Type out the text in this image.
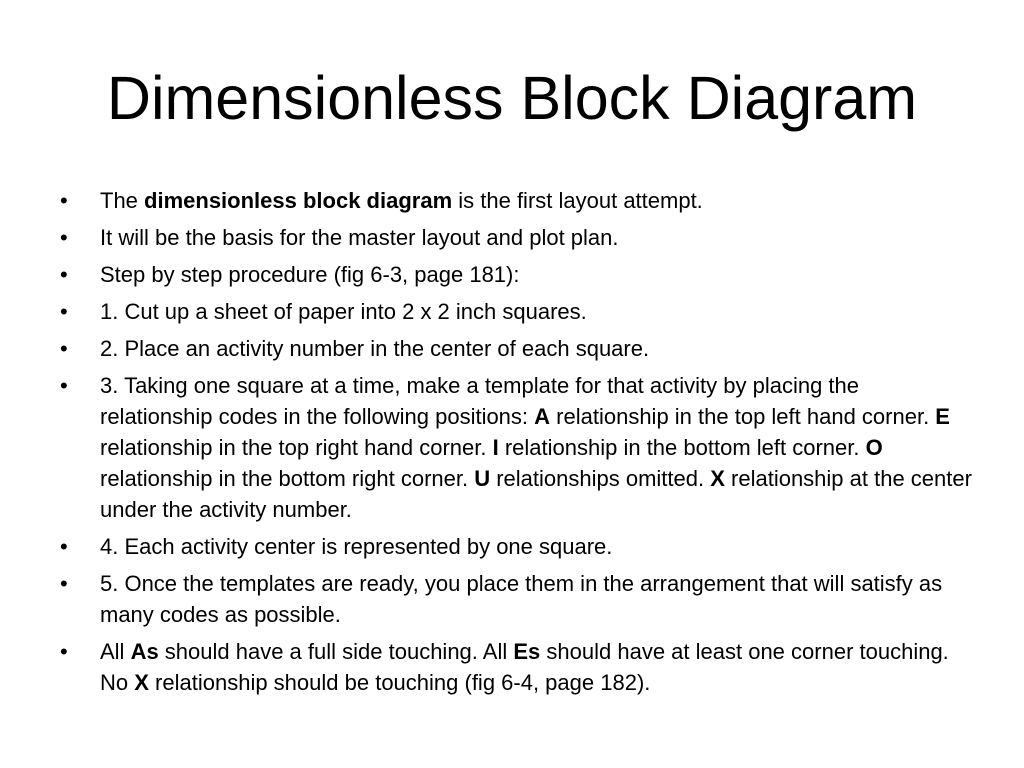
Dimensionless Block Diagram
• The dimensionless block diagram is the first layout attempt.
• It will be the basis for the master layout and plot plan.
• Step by step procedure (fig 6-3, page 181):
• 1. Cut up a sheet of paper into 2 x 2 inch squares.
• 2. Place an activity number in the center of each square.
• 3. Taking one square at a time, make a template for that activity by placing the relationship codes in the following positions: A relationship in the top left hand corner. E relationship in the top right hand corner. I relationship in the bottom left corner. O relationship in the bottom right corner. U relationships omitted. X relationship at the center under the activity number.
• 4. Each activity center is represented by one square.
• 5. Once the templates are ready, you place them in the arrangement that will satisfy as many codes as possible.
• All As should have a full side touching. All Es should have at least one corner touching. No X relationship should be touching (fig 6-4, page 182).
